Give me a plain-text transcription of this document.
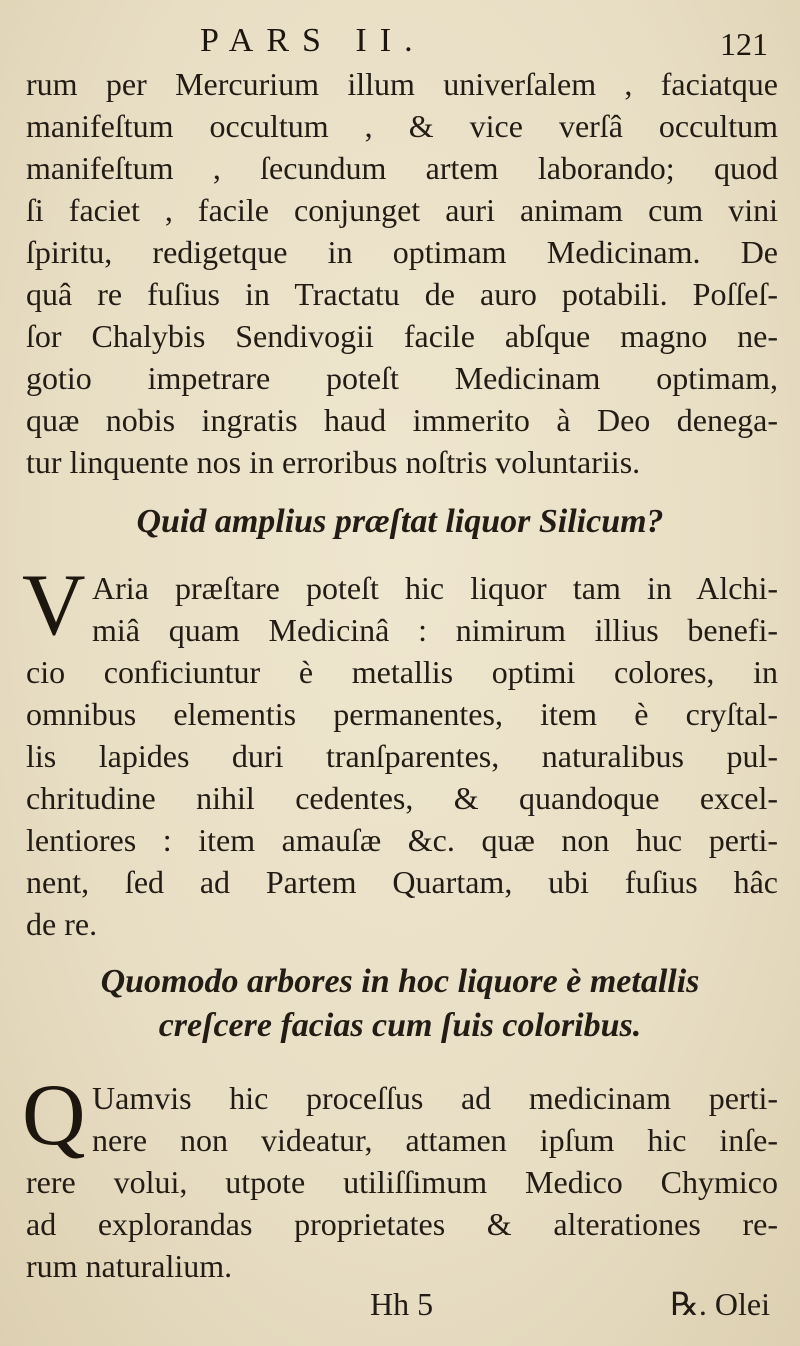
PARS II.	121
rum per Mercurium illum univerſalem , faciatque
manifeſtum occultum , & vice verſâ occultum
manifeſtum , ſecundum artem laborando; quod
ſi faciet , facile conjunget auri animam cum vini
ſpiritu, redigetque in optimam Medicinam. De
quâ re fuſius in Tractatu de auro potabili. Poſſeſ-
ſor Chalybis Sendivogii facile abſque magno ne-
gotio impetrare poteſt Medicinam optimam,
quæ nobis ingratis haud immerito à Deo denega-
tur linquente nos in erroribus noſtris voluntariis.
Quid amplius præſtat liquor Silicum?
V Aria præſtare poteſt hic liquor tam in Alchi-
miâ quam Medicinâ : nimirum illius benefi-
cio conficiuntur è metallis optimi colores, in
omnibus elementis permanentes, item è cryſtal-
lis lapides duri tranſparentes, naturalibus pul-
chritudine nihil cedentes, & quandoque excel-
lentiores : item amauſæ &c. quæ non huc perti-
nent, ſed ad Partem Quartam, ubi fuſius hâc
de re.
Quomodo arbores in hoc liquore è metallis
creſcere facias cum ſuis coloribus.
Q Uamvis hic proceſſus ad medicinam perti-
nere non videatur, attamen ipſum hic inſe-
rere volui, utpote utiliſſimum Medico Chymico
ad explorandas proprietates & alterationes re-
rum naturalium.
Hh 5	℞. Olei
